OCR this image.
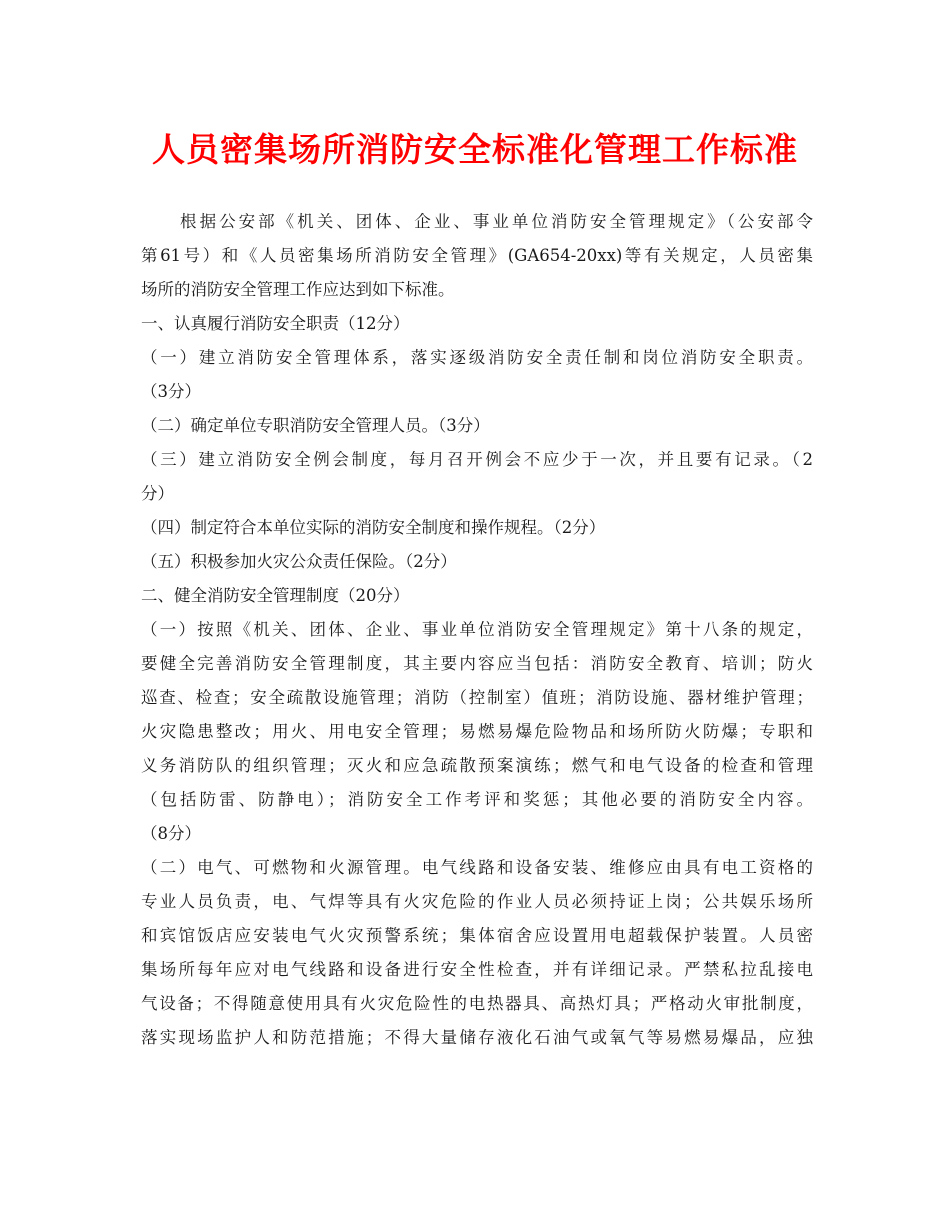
人员密集场所消防安全标准化管理工作标准
　　根据公安部《机关、团体、企业、事业单位消防安全管理规定》（公安部令
第61号）和《人员密集场所消防安全管理》(GA654-20xx)等有关规定，人员密集
场所的消防安全管理工作应达到如下标准。
一、认真履行消防安全职责（12分）
（一）建立消防安全管理体系，落实逐级消防安全责任制和岗位消防安全职责。
（3分）
（二）确定单位专职消防安全管理人员。（3分）
（三）建立消防安全例会制度，每月召开例会不应少于一次，并且要有记录。（2
分）
（四）制定符合本单位实际的消防安全制度和操作规程。（2分）
（五）积极参加火灾公众责任保险。（2分）
二、健全消防安全管理制度（20分）
（一）按照《机关、团体、企业、事业单位消防安全管理规定》第十八条的规定，
要健全完善消防安全管理制度，其主要内容应当包括：消防安全教育、培训；防火
巡查、检查；安全疏散设施管理；消防（控制室）值班；消防设施、器材维护管理；
火灾隐患整改；用火、用电安全管理；易燃易爆危险物品和场所防火防爆；专职和
义务消防队的组织管理；灭火和应急疏散预案演练；燃气和电气设备的检查和管理
（包括防雷、防静电）；消防安全工作考评和奖惩；其他必要的消防安全内容。
（8分）
（二）电气、可燃物和火源管理。电气线路和设备安装、维修应由具有电工资格的
专业人员负责，电、气焊等具有火灾危险的作业人员必须持证上岗；公共娱乐场所
和宾馆饭店应安装电气火灾预警系统；集体宿舍应设置用电超载保护装置。人员密
集场所每年应对电气线路和设备进行安全性检查，并有详细记录。严禁私拉乱接电
气设备；不得随意使用具有火灾危险性的电热器具、高热灯具；严格动火审批制度，
落实现场监护人和防范措施；不得大量储存液化石油气或氧气等易燃易爆品，应独
